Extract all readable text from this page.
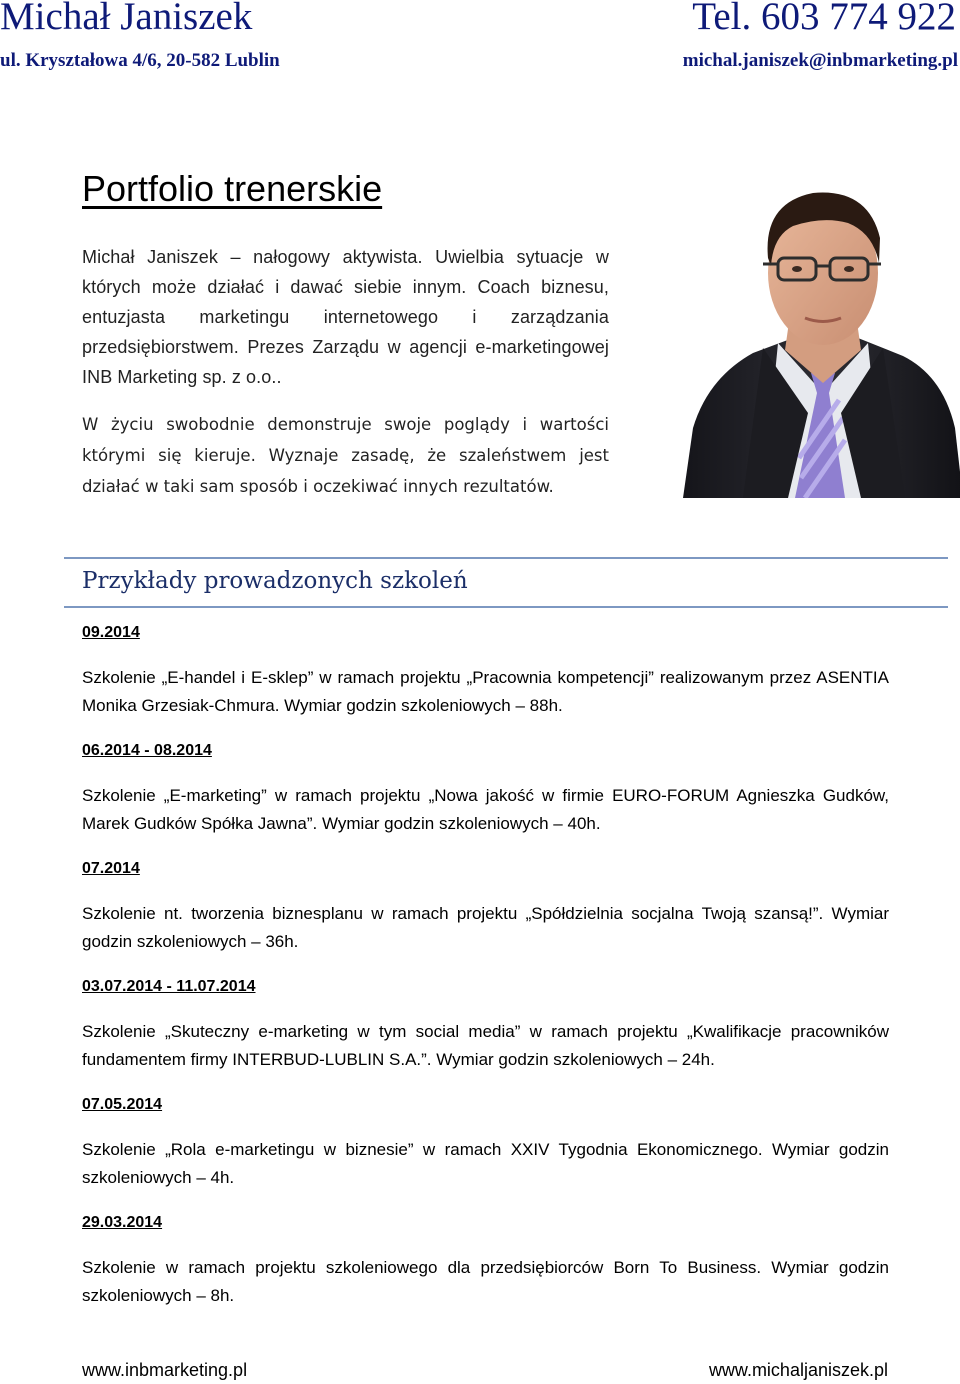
Michał Janiszek	Tel. 603 774 922
ul. Kryształowa 4/6, 20-582 Lublin	michal.janiszek@inbmarketing.pl
Portfolio trenerskie
Michał Janiszek – nałogowy aktywista. Uwielbia sytuacje w których może działać i dawać siebie innym. Coach biznesu, entuzjasta marketingu internetowego i zarządzania przedsiębiorstwem. Prezes Zarządu w agencji e-marketingowej INB Marketing sp. z o.o..
W życiu swobodnie demonstruje swoje poglądy i wartości którymi się kieruje. Wyznaje zasadę, że szaleństwem jest działać w taki sam sposób i oczekiwać innych rezultatów.
Przykłady prowadzonych szkoleń
09.2014
Szkolenie „E-handel i E-sklep” w ramach projektu „Pracownia kompetencji” realizowanym przez ASENTIA Monika Grzesiak-Chmura. Wymiar godzin szkoleniowych – 88h.
06.2014 - 08.2014
Szkolenie „E-marketing” w ramach projektu „Nowa jakość w firmie EURO-FORUM Agnieszka Gudków, Marek Gudków Spółka Jawna”. Wymiar godzin szkoleniowych – 40h.
07.2014
Szkolenie nt. tworzenia biznesplanu w ramach projektu „Spółdzielnia socjalna Twoją szansą!”. Wymiar godzin szkoleniowych – 36h.
03.07.2014 - 11.07.2014
Szkolenie „Skuteczny e-marketing w tym social media” w ramach projektu „Kwalifikacje pracowników fundamentem firmy INTERBUD-LUBLIN S.A.”. Wymiar godzin szkoleniowych – 24h.
07.05.2014
Szkolenie „Rola e-marketingu w biznesie” w ramach XXIV Tygodnia Ekonomicznego. Wymiar godzin szkoleniowych – 4h.
29.03.2014
Szkolenie w ramach projektu szkoleniowego dla przedsiębiorców Born To Business. Wymiar godzin szkoleniowych – 8h.
www.inbmarketing.pl	www.michaljaniszek.pl
